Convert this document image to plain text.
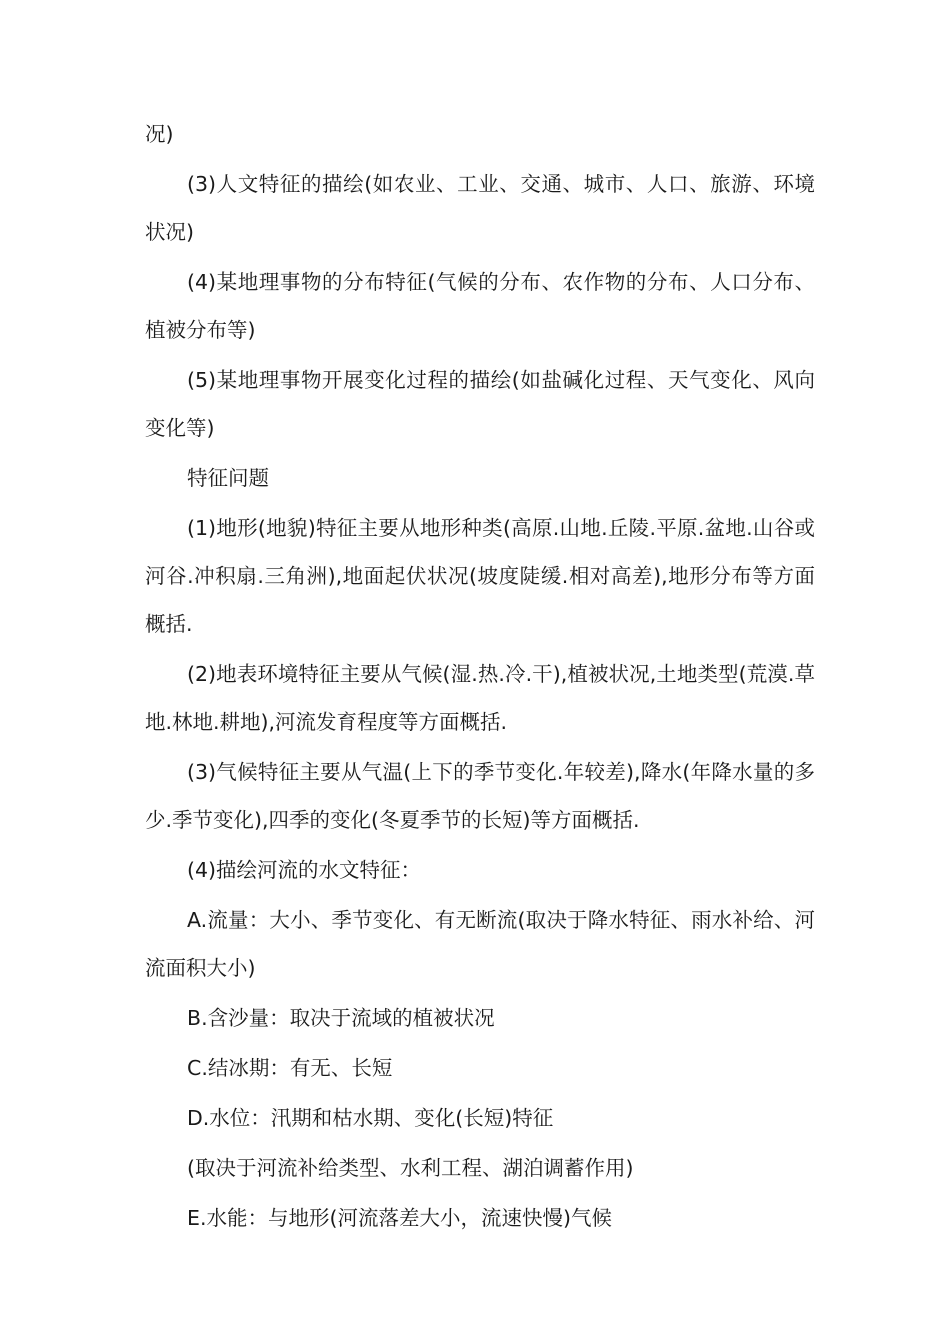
况)

(3)人文特征的描绘(如农业、工业、交通、城市、人口、旅游、环境状况)

(4)某地理事物的分布特征(气候的分布、农作物的分布、人口分布、植被分布等)

(5)某地理事物开展变化过程的描绘(如盐碱化过程、天气变化、风向变化等)

特征问题

(1)地形(地貌)特征主要从地形种类(高原.山地.丘陵.平原.盆地.山谷或河谷.冲积扇.三角洲),地面起伏状况(坡度陡缓.相对高差),地形分布等方面概括.

(2)地表环境特征主要从气候(湿.热.冷.干),植被状况,土地类型(荒漠.草地.林地.耕地),河流发育程度等方面概括.

(3)气候特征主要从气温(上下的季节变化.年较差),降水(年降水量的多少.季节变化),四季的变化(冬夏季节的长短)等方面概括.

(4)描绘河流的水文特征：

A.流量：大小、季节变化、有无断流(取决于降水特征、雨水补给、河流面积大小)

B.含沙量：取决于流域的植被状况

C.结冰期：有无、长短

D.水位：汛期和枯水期、变化(长短)特征

(取决于河流补给类型、水利工程、湖泊调蓄作用)

E.水能：与地形(河流落差大小，流速快慢)气候
